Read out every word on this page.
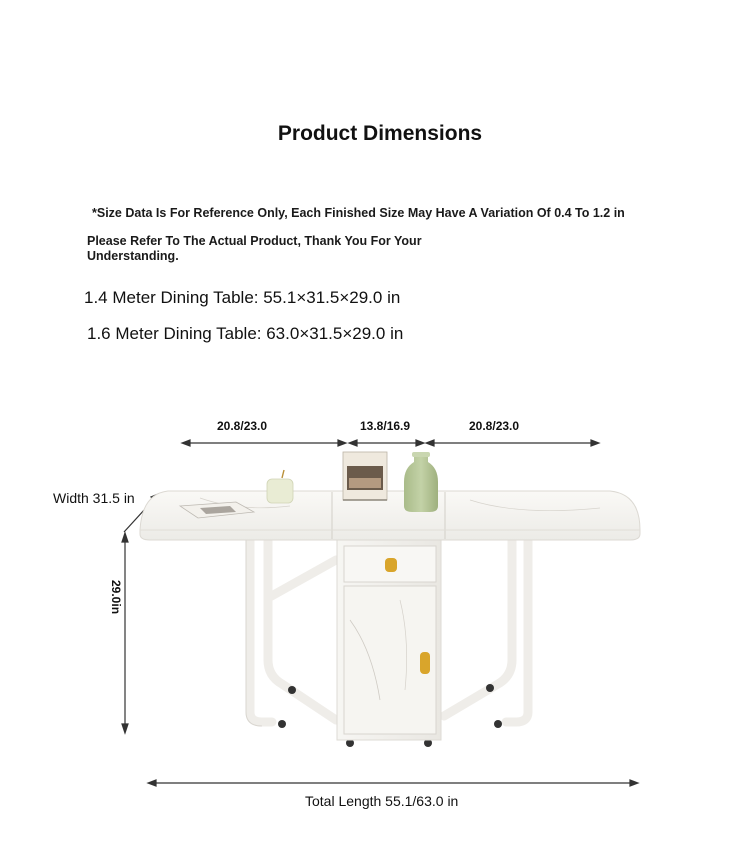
Product Dimensions
*Size Data Is For Reference Only, Each Finished Size May Have A Variation Of 0.4 To 1.2 in
Please Refer To The Actual Product, Thank You For Your
Understanding.
1.4 Meter Dining Table: 55.1×31.5×29.0 in
1.6 Meter Dining Table: 63.0×31.5×29.0 in
20.8/23.0	13.8/16.9	20.8/23.0
Width 31.5 in
29.0in
Total Length 55.1/63.0 in
